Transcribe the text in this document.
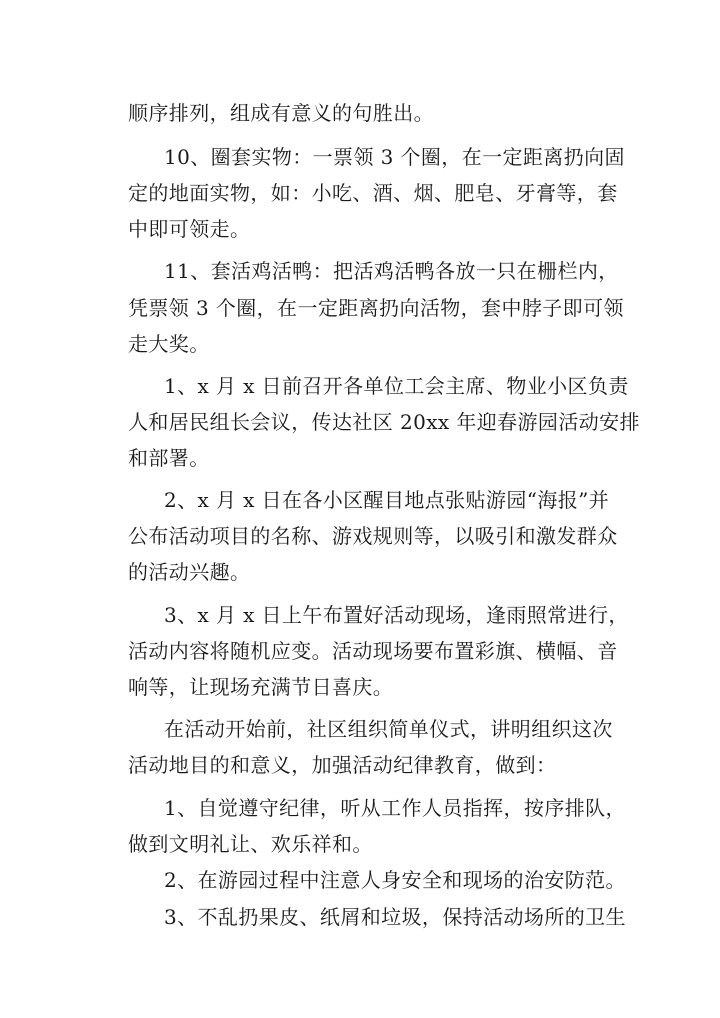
顺序排列，组成有意义的句胜出。
10、圈套实物：一票领 3 个圈，在一定距离扔向固
定的地面实物，如：小吃、酒、烟、肥皂、牙膏等，套
中即可领走。
11、套活鸡活鸭：把活鸡活鸭各放一只在栅栏内，
凭票领 3 个圈，在一定距离扔向活物，套中脖子即可领
走大奖。
1、x 月 x 日前召开各单位工会主席、物业小区负责
人和居民组长会议，传达社区 20xx 年迎春游园活动安排
和部署。
2、x 月 x 日在各小区醒目地点张贴游园“海报”并
公布活动项目的名称、游戏规则等，以吸引和激发群众
的活动兴趣。
3、x 月 x 日上午布置好活动现场，逢雨照常进行，
活动内容将随机应变。活动现场要布置彩旗、横幅、音
响等，让现场充满节日喜庆。
在活动开始前，社区组织简单仪式，讲明组织这次
活动地目的和意义，加强活动纪律教育，做到：
1、自觉遵守纪律，听从工作人员指挥，按序排队，
做到文明礼让、欢乐祥和。
2、在游园过程中注意人身安全和现场的治安防范。
3、不乱扔果皮、纸屑和垃圾，保持活动场所的卫生
